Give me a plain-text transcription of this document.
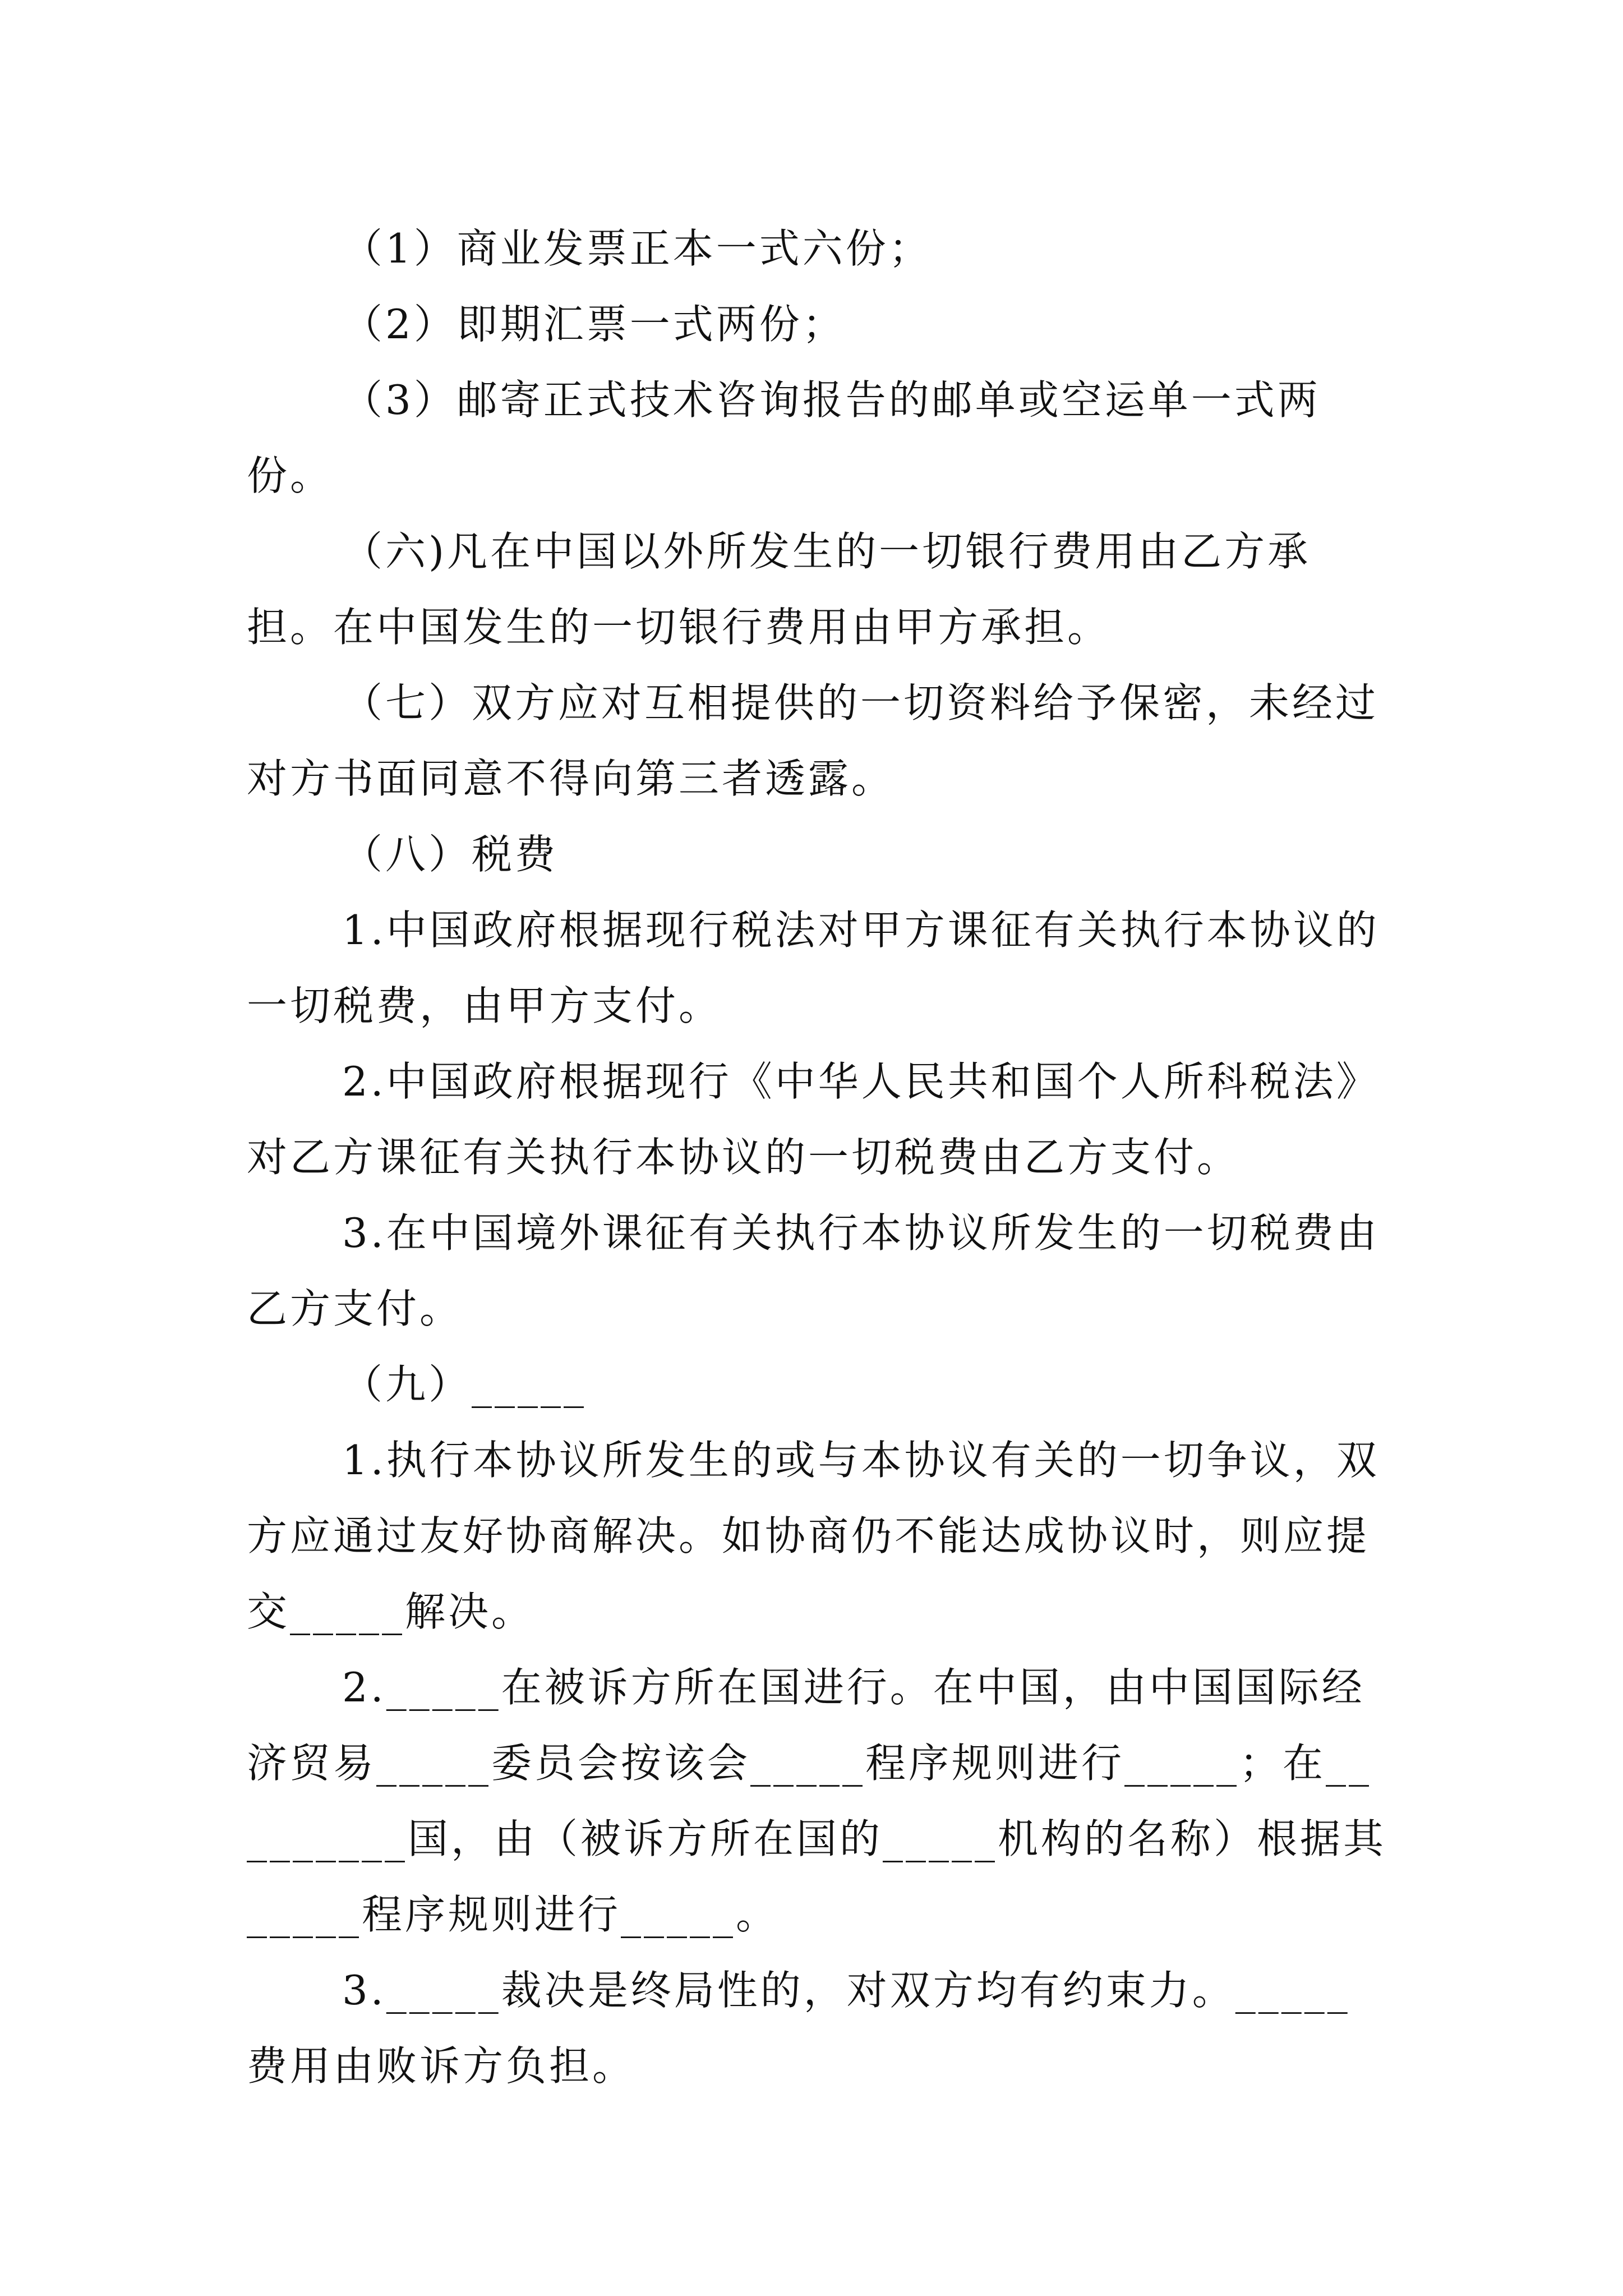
（1）商业发票正本一式六份；

（2）即期汇票一式两份；

（3）邮寄正式技术咨询报告的邮单或空运单一式两份。

（六)凡在中国以外所发生的一切银行费用由乙方承担。在中国发生的一切银行费用由甲方承担。

（七）双方应对互相提供的一切资料给予保密，未经过对方书面同意不得向第三者透露。

（八）税费

1.中国政府根据现行税法对甲方课征有关执行本协议的一切税费，由甲方支付。

2.中国政府根据现行《中华人民共和国个人所科税法》对乙方课征有关执行本协议的一切税费由乙方支付。

3.在中国境外课征有关执行本协议所发生的一切税费由乙方支付。

（九）_____

1.执行本协议所发生的或与本协议有关的一切争议，双方应通过友好协商解决。如协商仍不能达成协议时，则应提交_____解决。

2._____在被诉方所在国进行。在中国，由中国国际经济贸易_____委员会按该会_____程序规则进行_____；在_________国，由（被诉方所在国的_____机构的名称）根据其_____程序规则进行_____。

3._____裁决是终局性的，对双方均有约束力。_____费用由败诉方负担。
